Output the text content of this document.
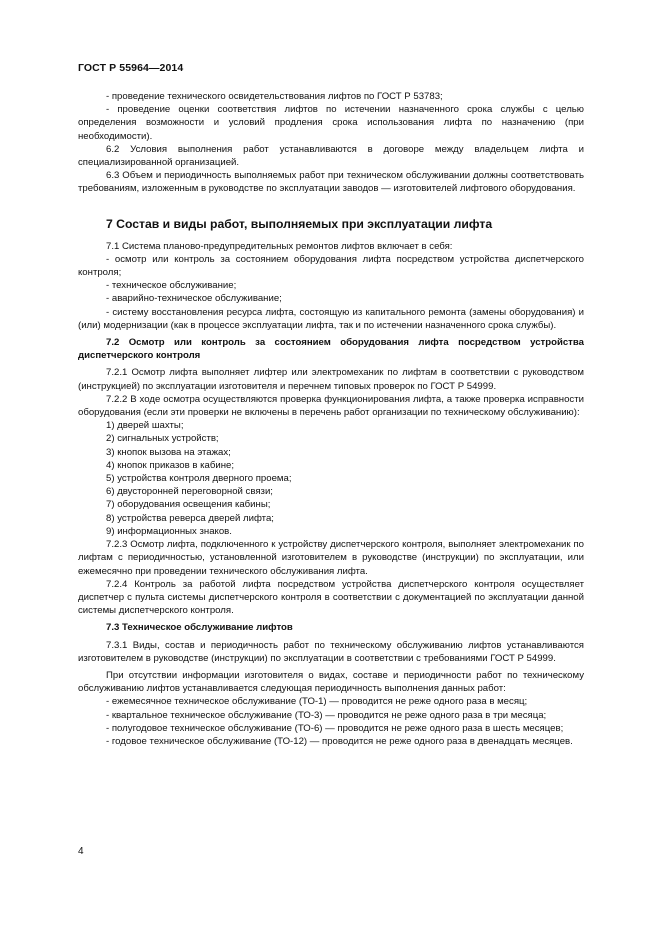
ГОСТ Р 55964—2014

- проведение технического освидетельствования лифтов по ГОСТ Р 53783;

- проведение оценки соответствия лифтов по истечении назначенного срока службы с целью определения возможности и условий продления срока использования лифта по назначению (при необходимости).

6.2 Условия выполнения работ устанавливаются в договоре между владельцем лифта и специализированной организацией.

6.3 Объем и периодичность выполняемых работ при техническом обслуживании должны соответствовать требованиям, изложенным в руководстве по эксплуатации заводов — изготовителей лифтового оборудования.

7 Состав и виды работ, выполняемых при эксплуатации лифта

7.1 Система планово-предупредительных ремонтов лифтов включает в себя:

- осмотр или контроль за состоянием оборудования лифта посредством устройства диспетчерского контроля;

- техническое обслуживание;

- аварийно-техническое обслуживание;

- систему восстановления ресурса лифта, состоящую из капитального ремонта (замены оборудования) и (или) модернизации (как в процессе эксплуатации лифта, так и по истечении назначенного срока службы).

7.2 Осмотр или контроль за состоянием оборудования лифта посредством устройства диспетчерского контроля

7.2.1 Осмотр лифта выполняет лифтер или электромеханик по лифтам в соответствии с руководством (инструкцией) по эксплуатации изготовителя и перечнем типовых проверок по ГОСТ Р 54999.

7.2.2 В ходе осмотра осуществляются проверка функционирования лифта, а также проверка исправности оборудования (если эти проверки не включены в перечень работ организации по техническому обслуживанию):

1) дверей шахты;

2) сигнальных устройств;

3) кнопок вызова на этажах;

4) кнопок приказов в кабине;

5) устройства контроля дверного проема;

6) двусторонней переговорной связи;

7) оборудования освещения кабины;

8) устройства реверса дверей лифта;

9) информационных знаков.

7.2.3 Осмотр лифта, подключенного к устройству диспетчерского контроля, выполняет электромеханик по лифтам с периодичностью, установленной изготовителем в руководстве (инструкции) по эксплуатации, или ежемесячно при проведении технического обслуживания лифта.

7.2.4 Контроль за работой лифта посредством устройства диспетчерского контроля осуществляет диспетчер с пульта системы диспетчерского контроля в соответствии с документацией по эксплуатации данной системы диспетчерского контроля.

7.3 Техническое обслуживание лифтов

7.3.1 Виды, состав и периодичность работ по техническому обслуживанию лифтов устанавливаются изготовителем в руководстве (инструкции) по эксплуатации в соответствии с требованиями ГОСТ Р 54999.

При отсутствии информации изготовителя о видах, составе и периодичности работ по техническому обслуживанию лифтов устанавливается следующая периодичность выполнения данных работ:

- ежемесячное техническое обслуживание (ТО-1) — проводится не реже одного раза в месяц;

- квартальное техническое обслуживание (ТО-3) — проводится не реже одного раза в три месяца;

- полугодовое техническое обслуживание (ТО-6) — проводится не реже одного раза в шесть месяцев;

- годовое техническое обслуживание (ТО-12) — проводится не реже одного раза в двенадцать месяцев.

4
